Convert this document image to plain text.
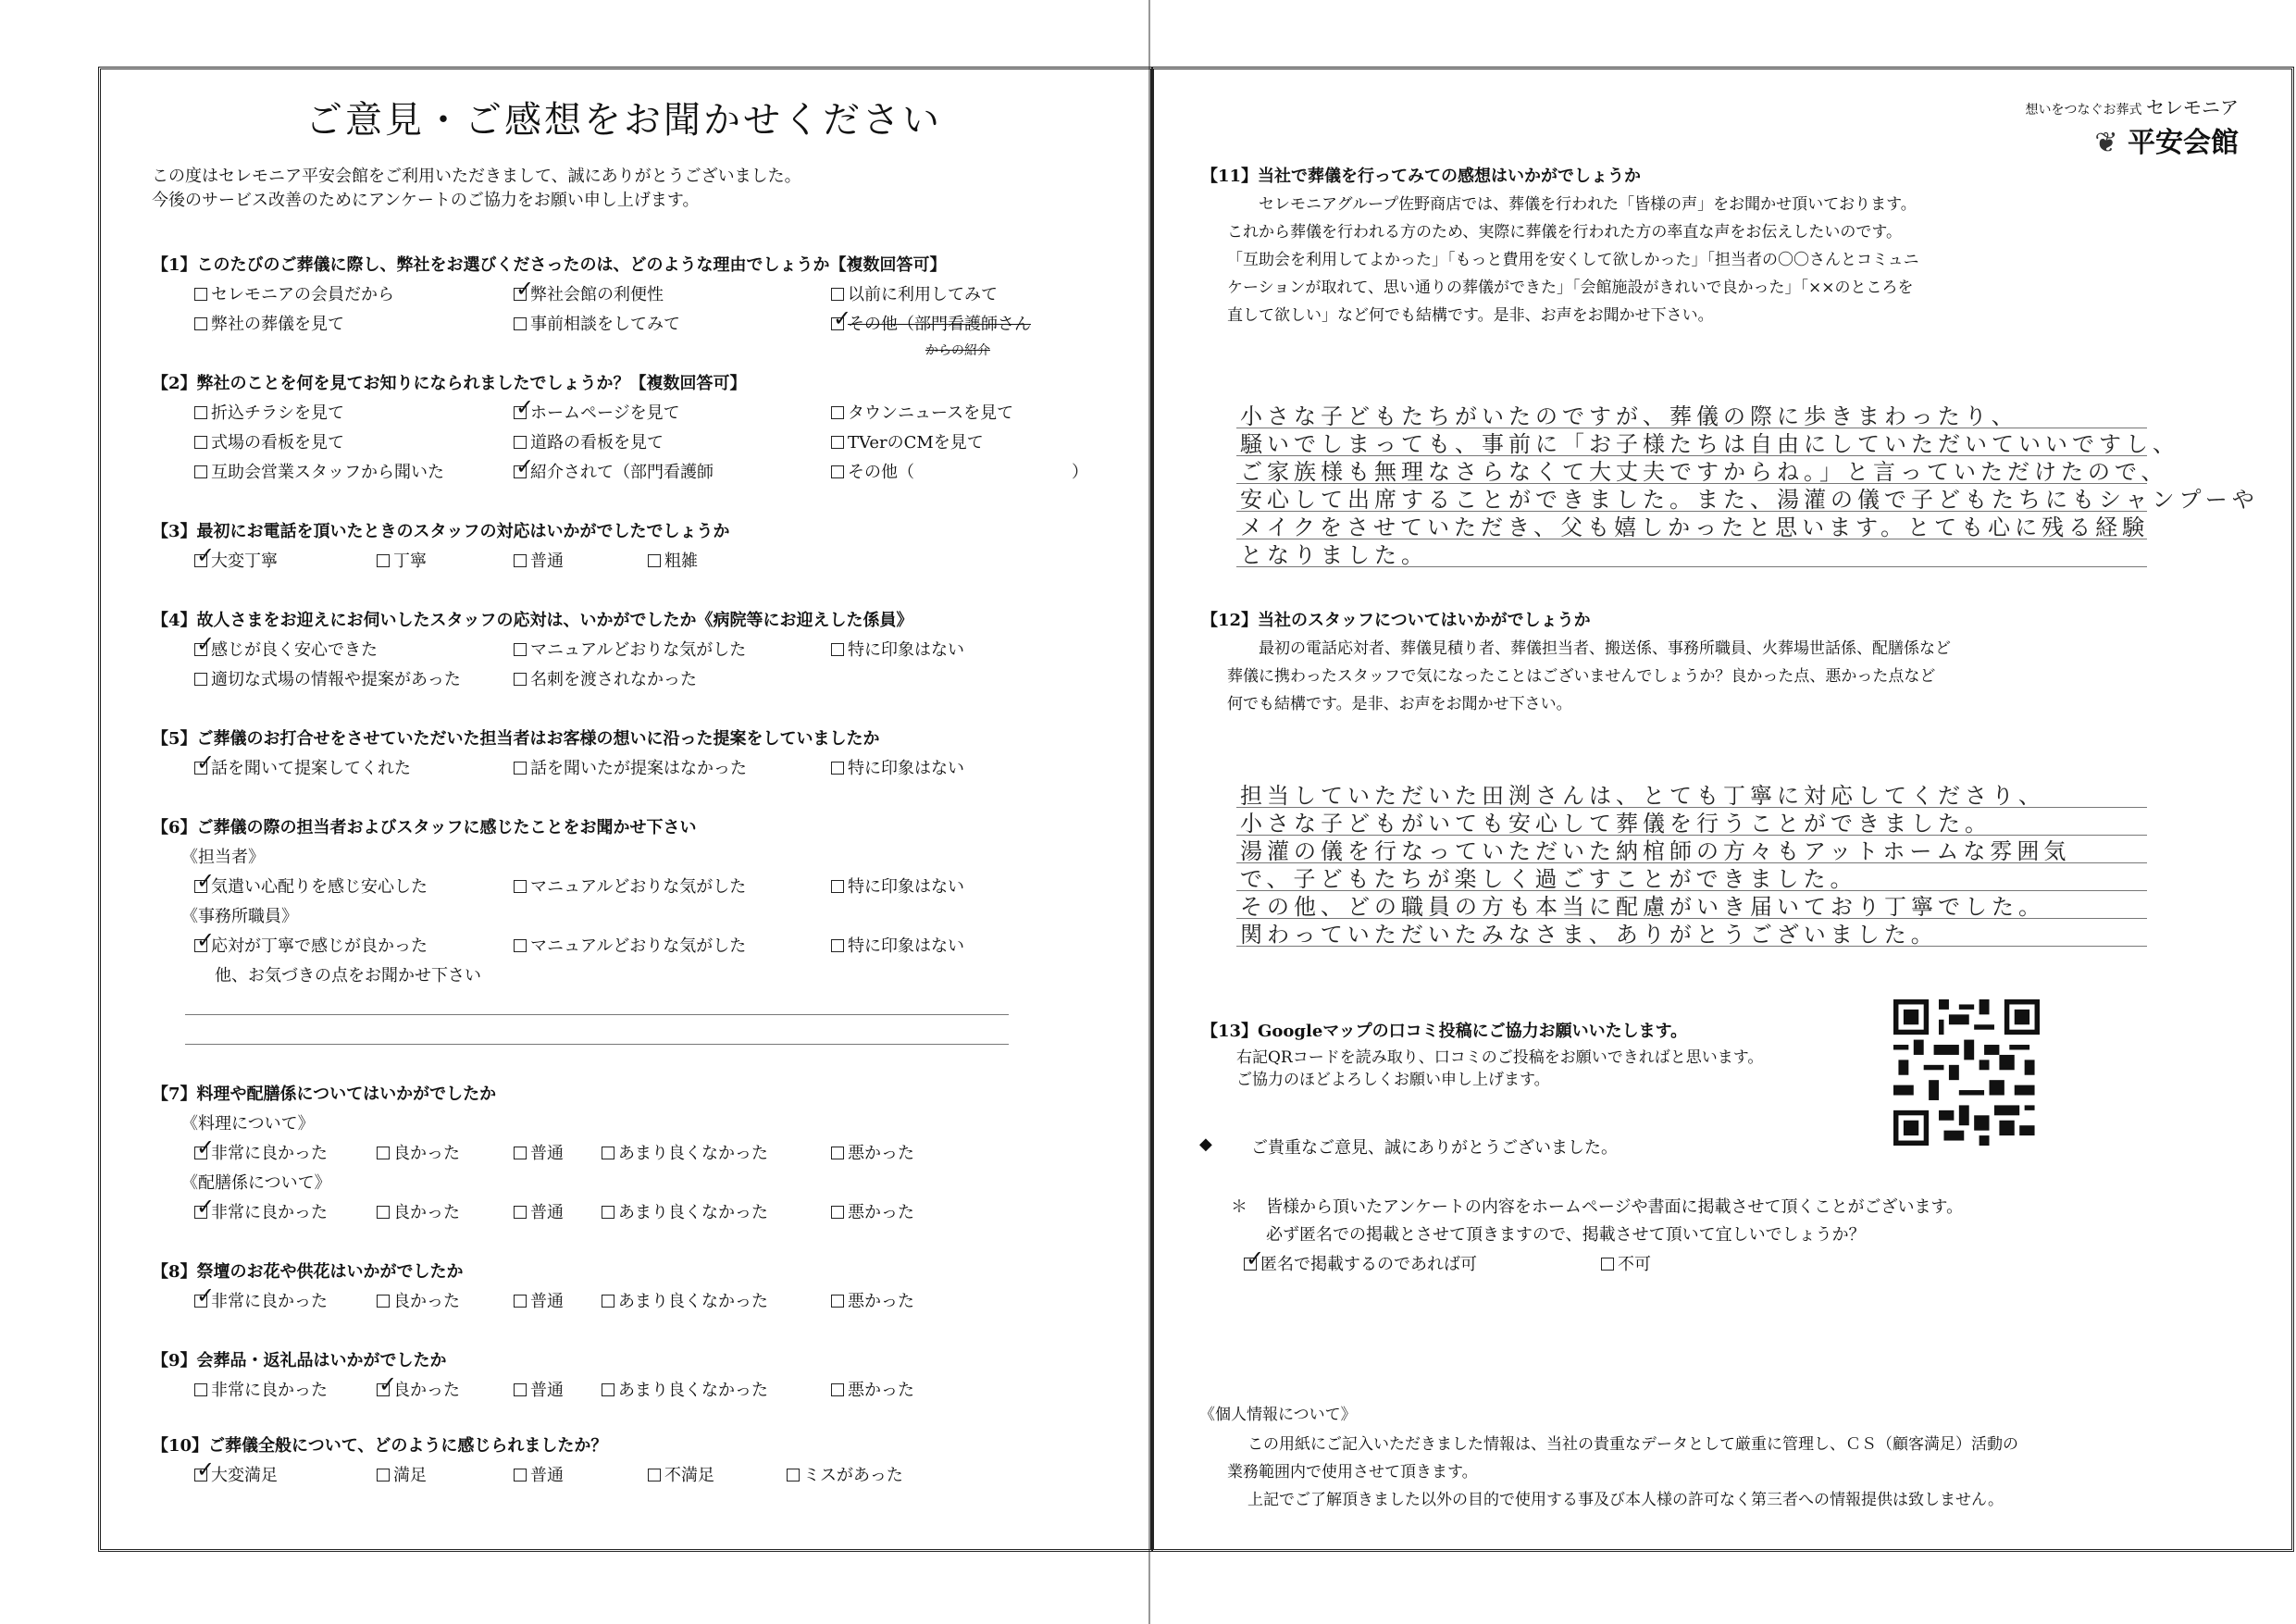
ご意見・ご感想をお聞かせください
この度はセレモニア平安会館をご利用いただきまして、誠にありがとうございました。
今後のサービス改善のためにアンケートのご協力をお願い申し上げます。
【1】このたびのご葬儀に際し、弊社をお選びくださったのは、どのような理由でしょうか【複数回答可】
セレモニアの会員だから ✓	弊社会館の利便性	以前に利用してみて
弊社の葬儀を見て	事前相談をしてみて ✓	その他（部門看護師さん
からの紹介
【2】弊社のことを何を見てお知りになられましたでしょうか？【複数回答可】
折込チラシを見て ✓	ホームページを見て	タウンニュースを見て
式場の看板を見て	道路の看板を見て	TVerのCMを見て
互助会営業スタッフから聞いた ✓	紹介されて（部門看護師	その他（	）
【3】最初にお電話を頂いたときのスタッフの対応はいかがでしたでしょうか
✓大変丁寧	丁寧	普通	粗雑
【4】故人さまをお迎えにお伺いしたスタッフの応対は、いかがでしたか《病院等にお迎えした係員》
✓感じが良く安心できた	マニュアルどおりな気がした	特に印象はない
適切な式場の情報や提案があった	名刺を渡されなかった
【5】ご葬儀のお打合せをさせていただいた担当者はお客様の想いに沿った提案をしていましたか
✓話を聞いて提案してくれた	話を聞いたが提案はなかった	特に印象はない
【6】ご葬儀の際の担当者およびスタッフに感じたことをお聞かせ下さい
《担当者》
✓気遣い心配りを感じ安心した	マニュアルどおりな気がした	特に印象はない
《事務所職員》
✓応対が丁寧で感じが良かった	マニュアルどおりな気がした	特に印象はない
他、お気づきの点をお聞かせ下さい
【7】料理や配膳係についてはいかがでしたか
《料理について》
✓非常に良かった	良かった	普通	あまり良くなかった	悪かった
《配膳係について》
✓非常に良かった	良かった	普通	あまり良くなかった	悪かった
【8】祭壇のお花や供花はいかがでしたか
✓非常に良かった	良かった	普通	あまり良くなかった	悪かった
【9】会葬品・返礼品はいかがでしたか
非常に良かった ✓	良かった	普通	あまり良くなかった	悪かった
【10】ご葬儀全般について、どのように感じられましたか？
✓大変満足	満足	普通	不満足	ミスがあった
想いをつなぐお葬式 セレモニア
❦ 平安会館
【11】当社で葬儀を行ってみての感想はいかがでしょうか
セレモニアグループ佐野商店では、葬儀を行われた「皆様の声」をお聞かせ頂いております。
これから葬儀を行われる方のため、実際に葬儀を行われた方の率直な声をお伝えしたいのです。
「互助会を利用してよかった」「もっと費用を安くして欲しかった」「担当者の〇〇さんとコミュニ
ケーションが取れて、思い通りの葬儀ができた」「会館施設がきれいで良かった」「××のところを
直して欲しい」など何でも結構です。是非、お声をお聞かせ下さい。
小さな子どもたちがいたのですが、葬儀の際に歩きまわったり、
騒いでしまっても、事前に「お子様たちは自由にしていただいていいですし、
ご家族様も無理なさらなくて大丈夫ですからね。」と言っていただけたので、
安心して出席することができました。また、湯灌の儀で子どもたちにもシャンプーや
メイクをさせていただき、父も嬉しかったと思います。とても心に残る経験
となりました。
【12】当社のスタッフについてはいかがでしょうか
最初の電話応対者、葬儀見積り者、葬儀担当者、搬送係、事務所職員、火葬場世話係、配膳係など
葬儀に携わったスタッフで気になったことはございませんでしょうか？良かった点、悪かった点など
何でも結構です。是非、お声をお聞かせ下さい。
担当していただいた田渕さんは、とても丁寧に対応してくださり、
小さな子どもがいても安心して葬儀を行うことができました。
湯灌の儀を行なっていただいた納棺師の方々もアットホームな雰囲気
で、子どもたちが楽しく過ごすことができました。
その他、どの職員の方も本当に配慮がいき届いており丁寧でした。
関わっていただいたみなさま、ありがとうございました。
【13】Googleマップの口コミ投稿にご協力お願いいたします。
右記QRコードを読み取り、口コミのご投稿をお願いできればと思います。
ご協力のほどよろしくお願い申し上げます。
◆ ご貴重なご意見、誠にありがとうございました。
＊ 皆様から頂いたアンケートの内容をホームページや書面に掲載させて頂くことがございます。
必ず匿名での掲載とさせて頂きますので、掲載させて頂いて宜しいでしょうか？
✓匿名で掲載するのであれば可	不可
《個人情報について》
この用紙にご記入いただきました情報は、当社の貴重なデータとして厳重に管理し、ＣＳ（顧客満足）活動の
業務範囲内で使用させて頂きます。
上記でご了解頂きました以外の目的で使用する事及び本人様の許可なく第三者への情報提供は致しません。
